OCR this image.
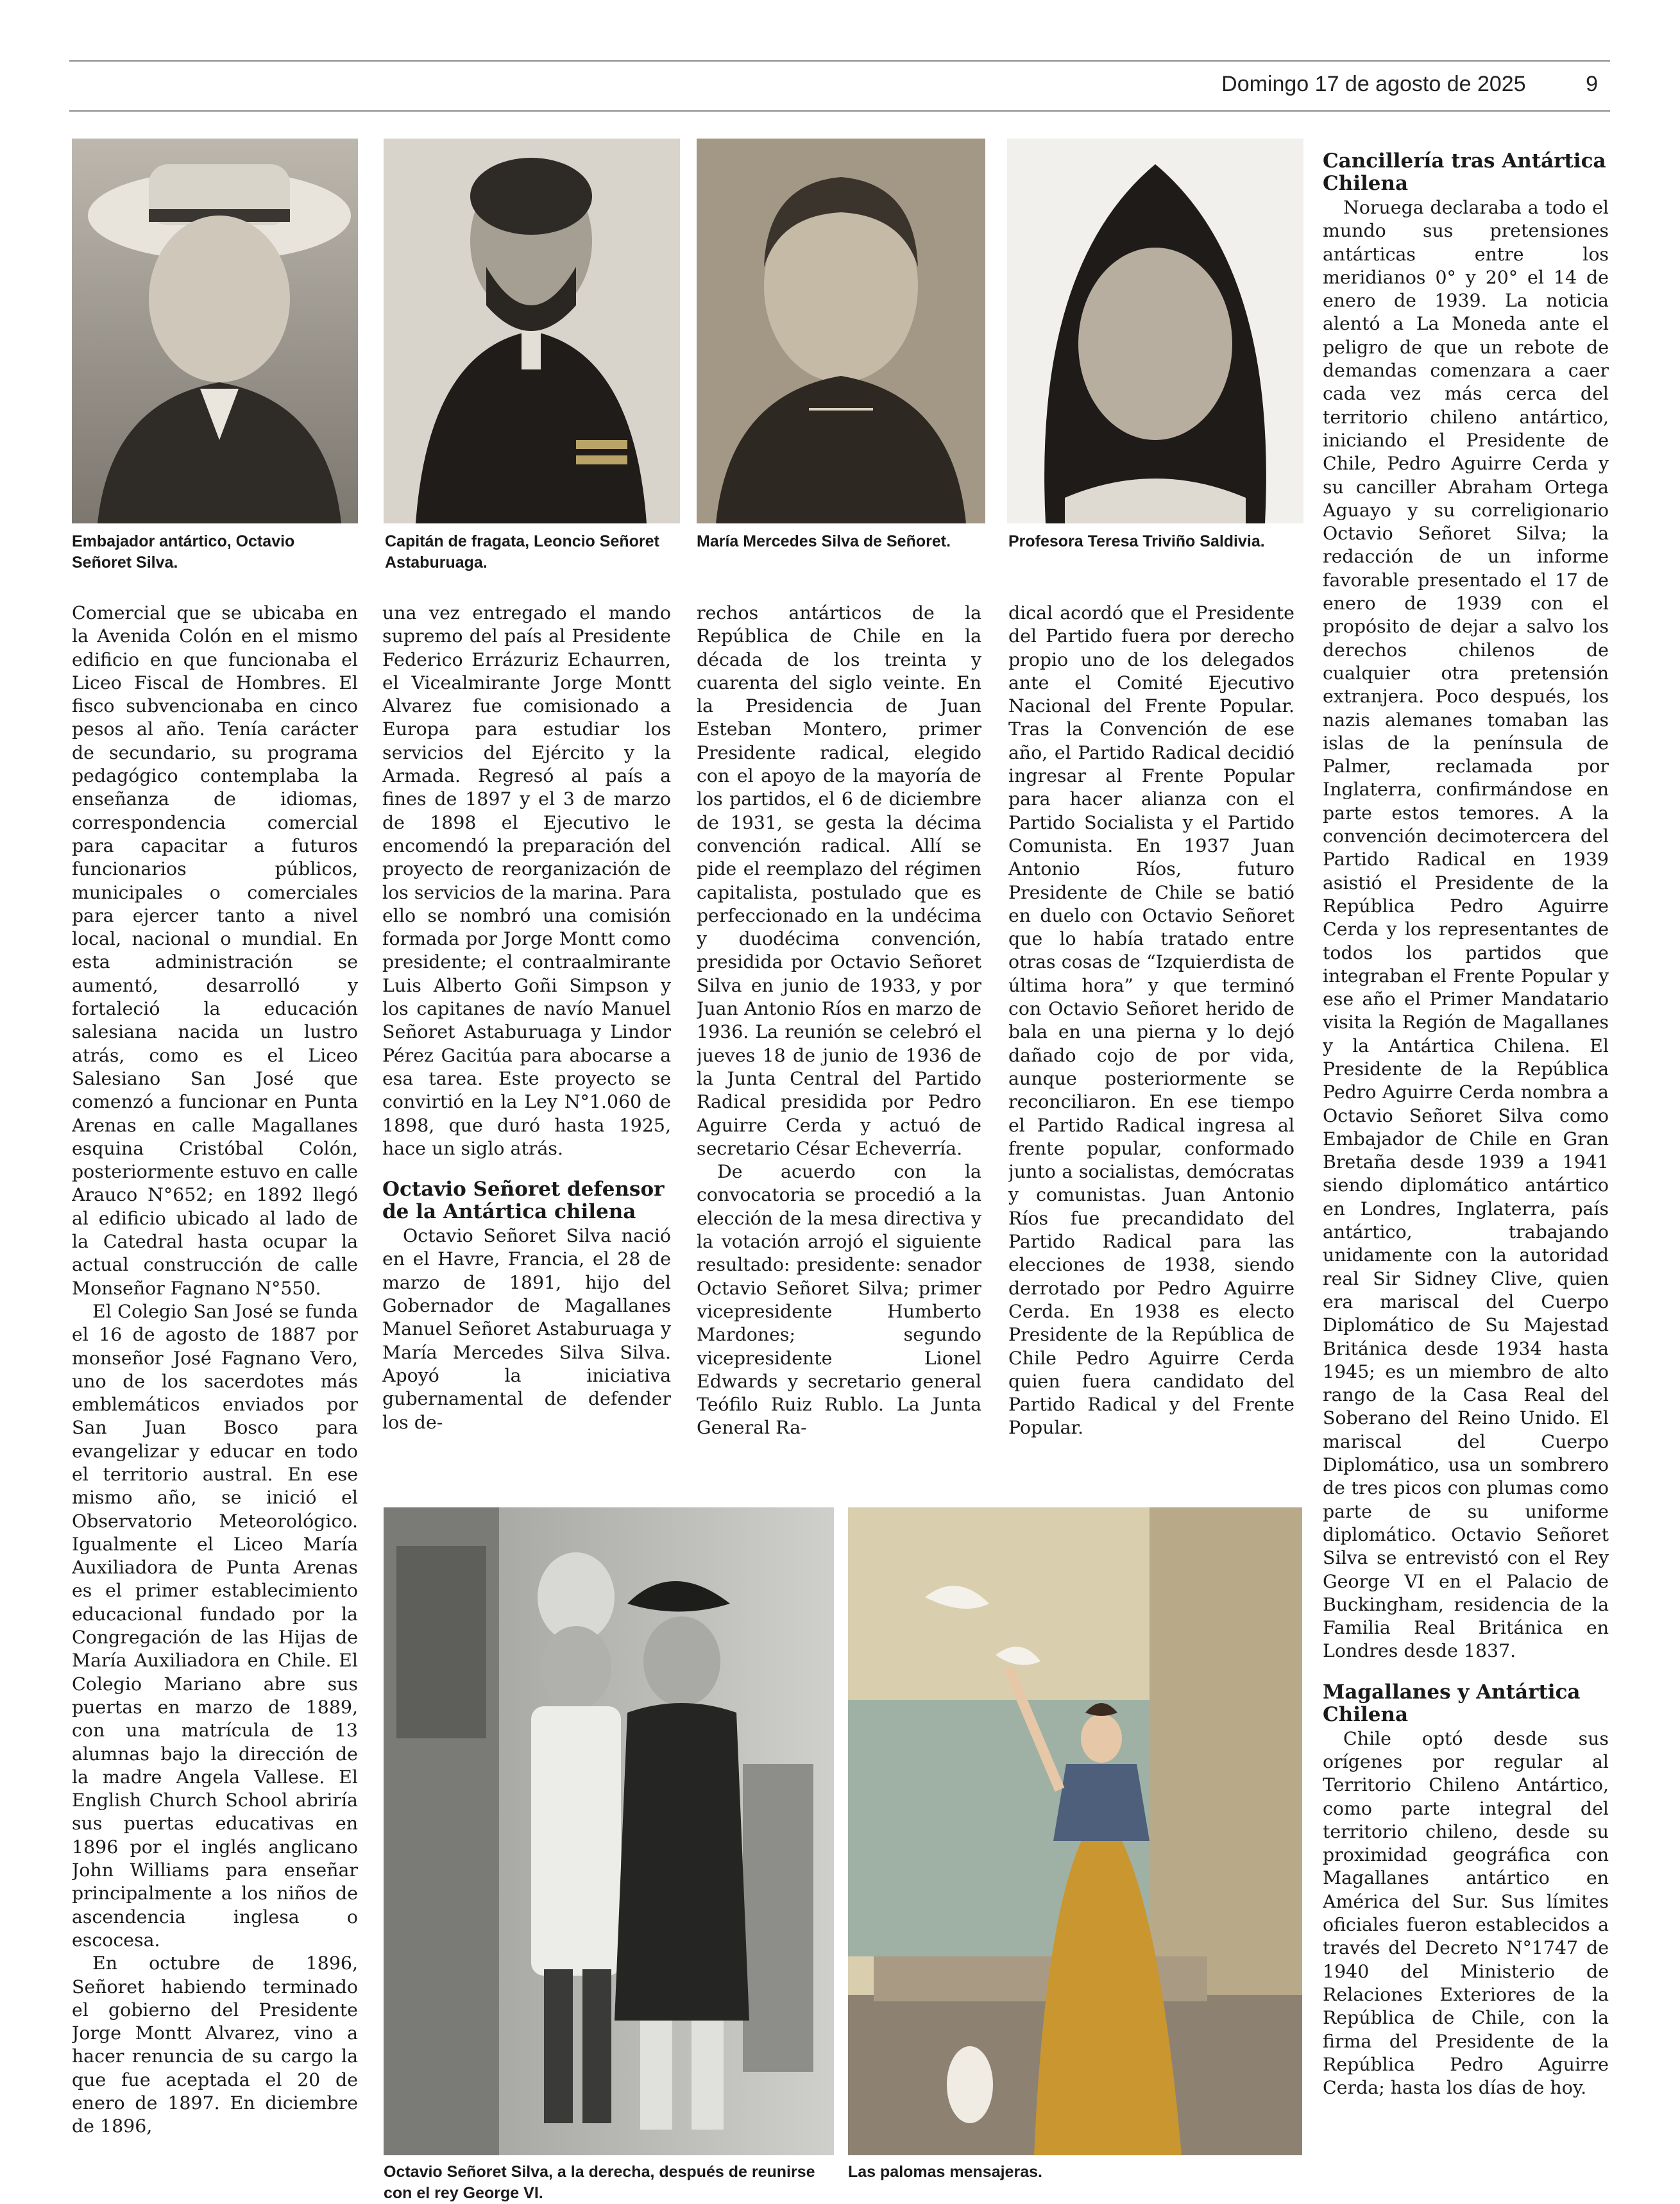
Domingo 17 de agosto de 2025	9
Embajador antártico, Octavio Señoret Silva.
Capitán de fragata, Leoncio Señoret Astaburuaga.
María Mercedes Silva de Señoret.	Profesora Teresa Triviño Saldivia.

Comercial que se ubicaba en la Avenida Colón en el mismo edificio en que funcionaba el Liceo Fiscal de Hombres. El fisco subvencionaba en cinco pesos al año. Tenía carácter de secundario, su programa pedagógico contemplaba la enseñanza de idiomas, correspondencia comercial para capacitar a futuros funcionarios públicos, municipales o comerciales para ejercer tanto a nivel local, nacional o mundial. En esta administración se aumentó, desarrolló y fortaleció la educación salesiana nacida un lustro atrás, como es el Liceo Salesiano San José que comenzó a funcionar en Punta Arenas en calle Magallanes esquina Cristóbal Colón, posteriormente estuvo en calle Arauco N°652; en 1892 llegó al edificio ubicado al lado de la Catedral hasta ocupar la actual construcción de calle Monseñor Fagnano N°550.

El Colegio San José se funda el 16 de agosto de 1887 por monseñor José Fagnano Vero, uno de los sacerdotes más emblemáticos enviados por San Juan Bosco para evangelizar y educar en todo el territorio austral. En ese mismo año, se inició el Observatorio Meteorológico. Igualmente el Liceo María Auxiliadora de Punta Arenas es el primer establecimiento educacional fundado por la Congregación de las Hijas de María Auxiliadora en Chile. El Colegio Mariano abre sus puertas en marzo de 1889, con una matrícula de 13 alumnas bajo la dirección de la madre Angela Vallese. El English Church School abriría sus puertas educativas en 1896 por el inglés anglicano John Williams para enseñar principalmente a los niños de ascendencia inglesa o escocesa.

En octubre de 1896, Señoret habiendo terminado el gobierno del Presidente Jorge Montt Alvarez, vino a hacer renuncia de su cargo la que fue aceptada el 20 de enero de 1897. En diciembre de 1896,

una vez entregado el mando supremo del país al Presidente Federico Errázuriz Echaurren, el Vicealmirante Jorge Montt Alvarez fue comisionado a Europa para estudiar los servicios del Ejército y la Armada. Regresó al país a fines de 1897 y el 3 de marzo de 1898 el Ejecutivo le encomendó la preparación del proyecto de reorganización de los servicios de la marina. Para ello se nombró una comisión formada por Jorge Montt como presidente; el contraalmirante Luis Alberto Goñi Simpson y los capitanes de navío Manuel Señoret Astaburuaga y Lindor Pérez Gacitúa para abocarse a esa tarea. Este proyecto se convirtió en la Ley N°1.060 de 1898, que duró hasta 1925, hace un siglo atrás.

Octavio Señoret defensor de la Antártica chilena

Octavio Señoret Silva nació en el Havre, Francia, el 28 de marzo de 1891, hijo del Gobernador de Magallanes Manuel Señoret Astaburuaga y María Mercedes Silva Silva. Apoyó la iniciativa gubernamental de defender los de-

rechos antárticos de la República de Chile en la década de los treinta y cuarenta del siglo veinte. En la Presidencia de Juan Esteban Montero, primer Presidente radical, elegido con el apoyo de la mayoría de los partidos, el 6 de diciembre de 1931, se gesta la décima convención radical. Allí se pide el reemplazo del régimen capitalista, postulado que es perfeccionado en la undécima y duodécima convención, presidida por Octavio Señoret Silva en junio de 1933, y por Juan Antonio Ríos en marzo de 1936. La reunión se celebró el jueves 18 de junio de 1936 de la Junta Central del Partido Radical presidida por Pedro Aguirre Cerda y actuó de secretario César Echeverría.

De acuerdo con la convocatoria se procedió a la elección de la mesa directiva y la votación arrojó el siguiente resultado: presidente: senador Octavio Señoret Silva; primer vicepresidente Humberto Mardones; segundo vicepresidente Lionel Edwards y secretario general Teófilo Ruiz Rublo. La Junta General Ra-

dical acordó que el Presidente del Partido fuera por derecho propio uno de los delegados ante el Comité Ejecutivo Nacional del Frente Popular. Tras la Convención de ese año, el Partido Radical decidió ingresar al Frente Popular para hacer alianza con el Partido Socialista y el Partido Comunista. En 1937 Juan Antonio Ríos, futuro Presidente de Chile se batió en duelo con Octavio Señoret que lo había tratado entre otras cosas de “Izquierdista de última hora” y que terminó con Octavio Señoret herido de bala en una pierna y lo dejó dañado cojo de por vida, aunque posteriormente se reconciliaron. En ese tiempo el Partido Radical ingresa al frente popular, conformado junto a socialistas, demócratas y comunistas. Juan Antonio Ríos fue precandidato del Partido Radical para las elecciones de 1938, siendo derrotado por Pedro Aguirre Cerda. En 1938 es electo Presidente de la República de Chile Pedro Aguirre Cerda quien fuera candidato del Partido Radical y del Frente Popular.

Cancillería tras Antártica Chilena

Noruega declaraba a todo el mundo sus pretensiones antárticas entre los meridianos 0° y 20° el 14 de enero de 1939. La noticia alentó a La Moneda ante el peligro de que un rebote de demandas comenzara a caer cada vez más cerca del territorio chileno antártico, iniciando el Presidente de Chile, Pedro Aguirre Cerda y su canciller Abraham Ortega Aguayo y su correligionario Octavio Señoret Silva; la redacción de un informe favorable presentado el 17 de enero de 1939 con el propósito de dejar a salvo los derechos chilenos de cualquier otra pretensión extranjera. Poco después, los nazis alemanes tomaban las islas de la península de Palmer, reclamada por Inglaterra, confirmándose en parte estos temores. A la convención decimotercera del Partido Radical en 1939 asistió el Presidente de la República Pedro Aguirre Cerda y los representantes de todos los partidos que integraban el Frente Popular y ese año el Primer Mandatario visita la Región de Magallanes y la Antártica Chilena. El Presidente de la República Pedro Aguirre Cerda nombra a Octavio Señoret Silva como Embajador de Chile en Gran Bretaña desde 1939 a 1941 siendo diplomático antártico en Londres, Inglaterra, país antártico, trabajando unidamente con la autoridad real Sir Sidney Clive, quien era mariscal del Cuerpo Diplomático de Su Majestad Británica desde 1934 hasta 1945; es un miembro de alto rango de la Casa Real del Soberano del Reino Unido. El mariscal del Cuerpo Diplomático, usa un sombrero de tres picos con plumas como parte de su uniforme diplomático. Octavio Señoret Silva se entrevistó con el Rey George VI en el Palacio de Buckingham, residencia de la Familia Real Británica en Londres desde 1837.

Magallanes y Antártica Chilena

Chile optó desde sus orígenes por regular al Territorio Chileno Antártico, como parte integral del territorio chileno, desde su proximidad geográfica con Magallanes antártico en América del Sur. Sus límites oficiales fueron establecidos a través del Decreto N°1747 de 1940 del Ministerio de Relaciones Exteriores de la República de Chile, con la firma del Presidente de la República Pedro Aguirre Cerda; hasta los días de hoy.

Octavio Señoret Silva, a la derecha, después de reunirse con el rey George VI.
Las palomas mensajeras.
